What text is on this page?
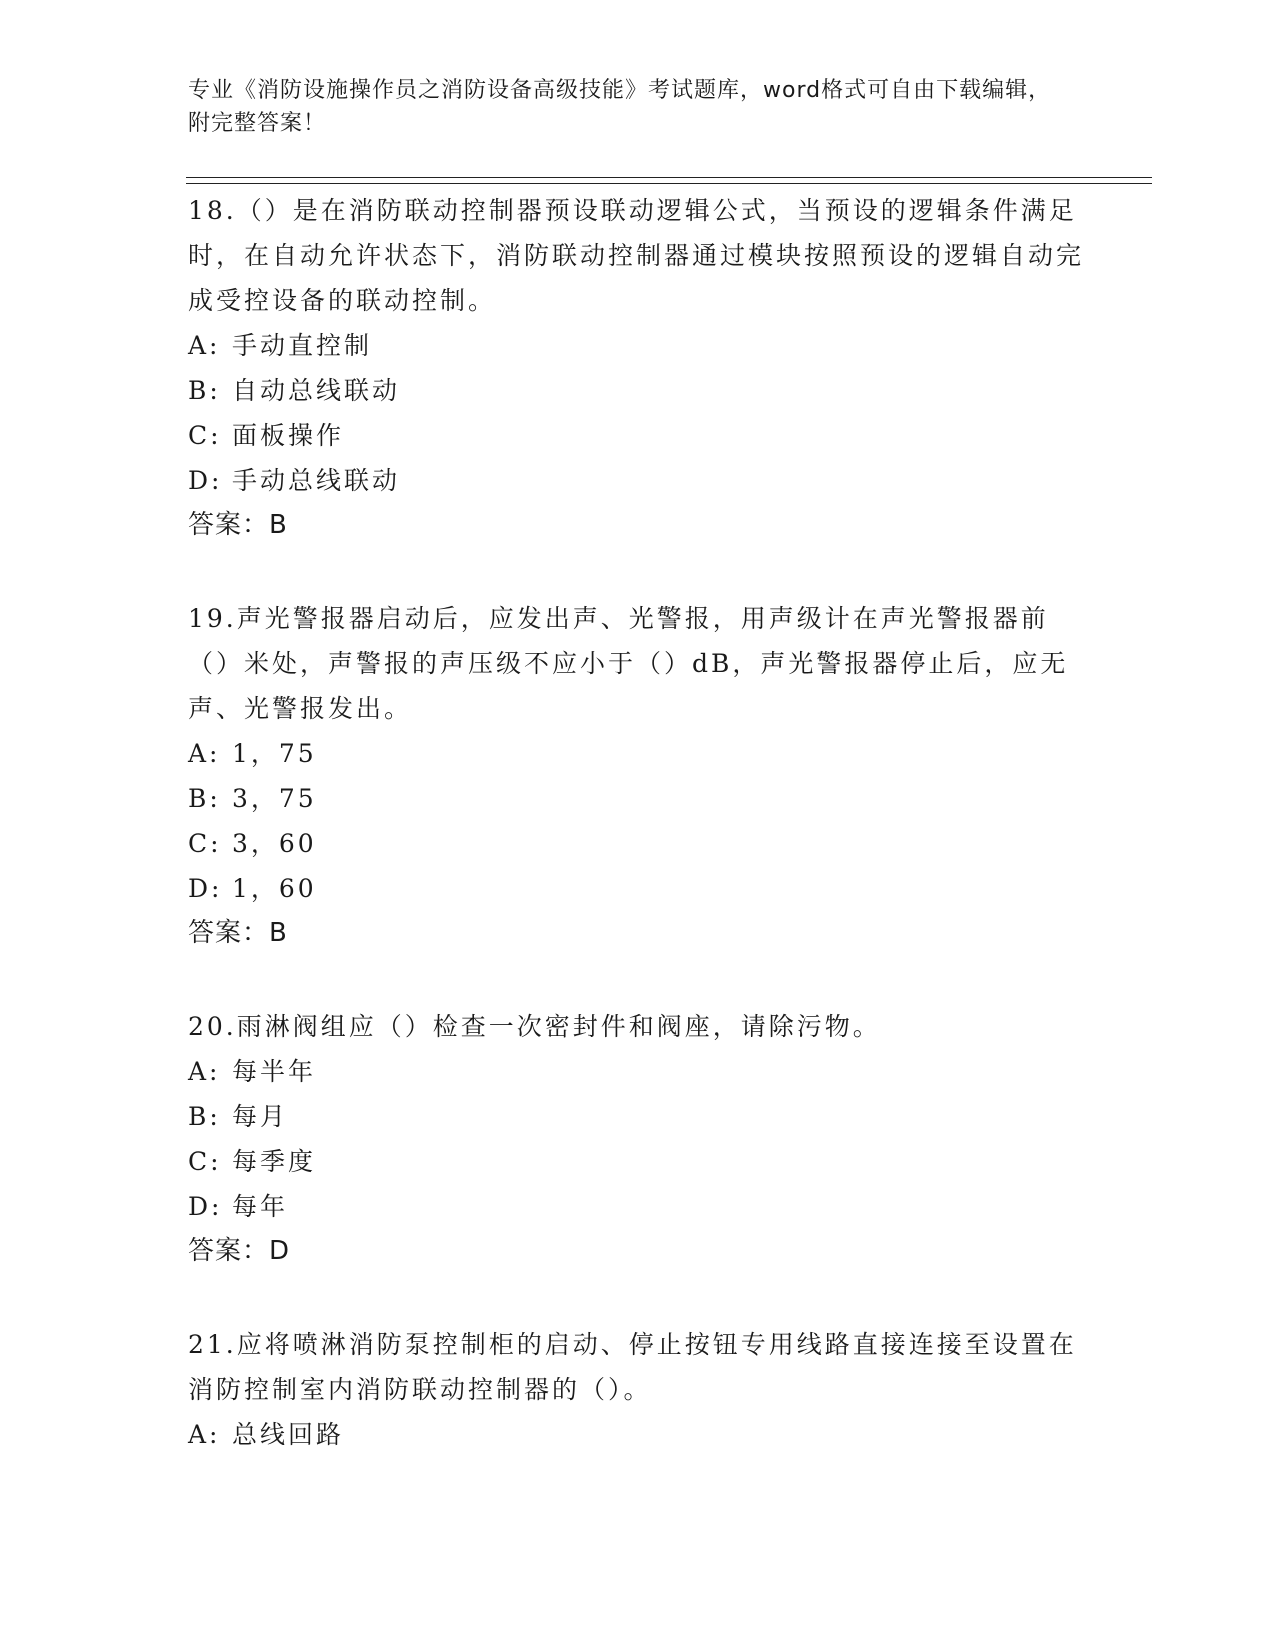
专业《消防设施操作员之消防设备高级技能》考试题库，word格式可自由下载编辑，附完整答案！

18.（）是在消防联动控制器预设联动逻辑公式，当预设的逻辑条件满足时，在自动允许状态下，消防联动控制器通过模块按照预设的逻辑自动完成受控设备的联动控制。

A: 手动直控制

B: 自动总线联动

C: 面板操作

D: 手动总线联动

答案：B

19.声光警报器启动后，应发出声、光警报，用声级计在声光警报器前（）米处，声警报的声压级不应小于（）dB，声光警报器停止后，应无声、光警报发出。

A: 1，75

B: 3，75

C: 3，60

D: 1，60

答案：B

20.雨淋阀组应（）检查一次密封件和阀座，请除污物。

A: 每半年

B: 每月

C: 每季度

D: 每年

答案：D

21.应将喷淋消防泵控制柜的启动、停止按钮专用线路直接连接至设置在消防控制室内消防联动控制器的（）。

A: 总线回路
